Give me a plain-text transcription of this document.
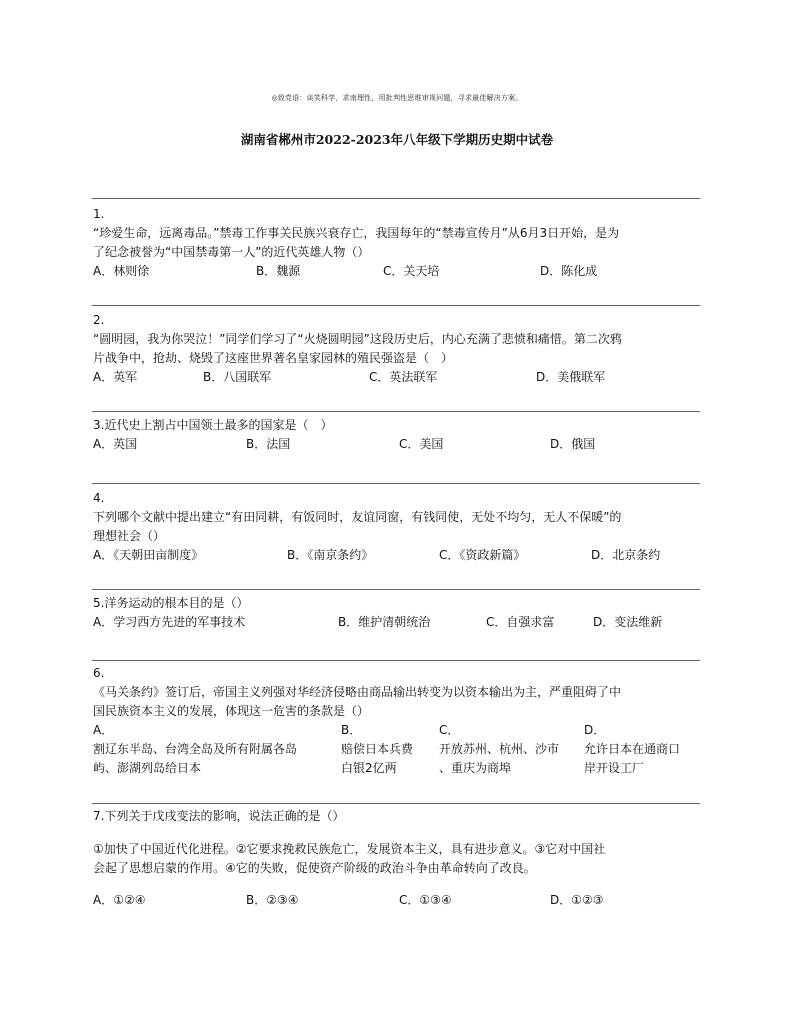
◎致党语：谈笑科学，求南理性，用批判性思维审视问题，寻求最佳解决方案。
湖南省郴州市2022-2023年八年级下学期历史期中试卷
1.
“珍爱生命，远离毒品。”禁毒工作事关民族兴衰存亡，我国每年的“禁毒宣传月”从6月3日开始，是为
了纪念被誉为“中国禁毒第一人”的近代英雄人物（）
A．林则徐	B．魏源	C．关天培	D．陈化成
2.
“圆明园，我为你哭泣！”同学们学习了“火烧圆明园”这段历史后，内心充满了悲愤和痛惜。第二次鸦
片战争中，抢劫、烧毁了这座世界著名皇家园林的殖民强盗是（　）
A．英军	B．八国联军	C．英法联军	D．美俄联军
3.近代史上割占中国领土最多的国家是（　）
A．英国	B．法国	C．美国	D．俄国
4.
下列哪个文献中提出建立“有田同耕，有饭同时，友谊同窗，有钱同使，无处不均匀，无人不保暖”的
理想社会（）
A．《天朝田亩制度》	B．《南京条约》	C．《资政新篇》	D．北京条约
5.洋务运动的根本目的是（）
A．学习西方先进的军事技术	B．维护清朝统治	C．自强求富	D．变法维新
6.
《马关条约》签订后，帝国主义列强对华经济侵略由商品输出转变为以资本输出为主，严重阻碍了中
国民族资本主义的发展，体现这一危害的条款是（）
A．
割辽东半岛、台湾全岛及所有附属各岛
屿、澎湖列岛给日本
B．
赔偿日本兵费
白银2亿两
C．
开放苏州、杭州、沙市
、重庆为商埠
D．
允许日本在通商口
岸开设工厂
7.下列关于戊戌变法的影响，说法正确的是（）
①加快了中国近代化进程。②它要求挽救民族危亡，发展资本主义，具有进步意义。③它对中国社
会起了思想启蒙的作用。④它的失败，促使资产阶级的政治斗争由革命转向了改良。
A．①②④	B．②③④	C．①③④	D．①②③
